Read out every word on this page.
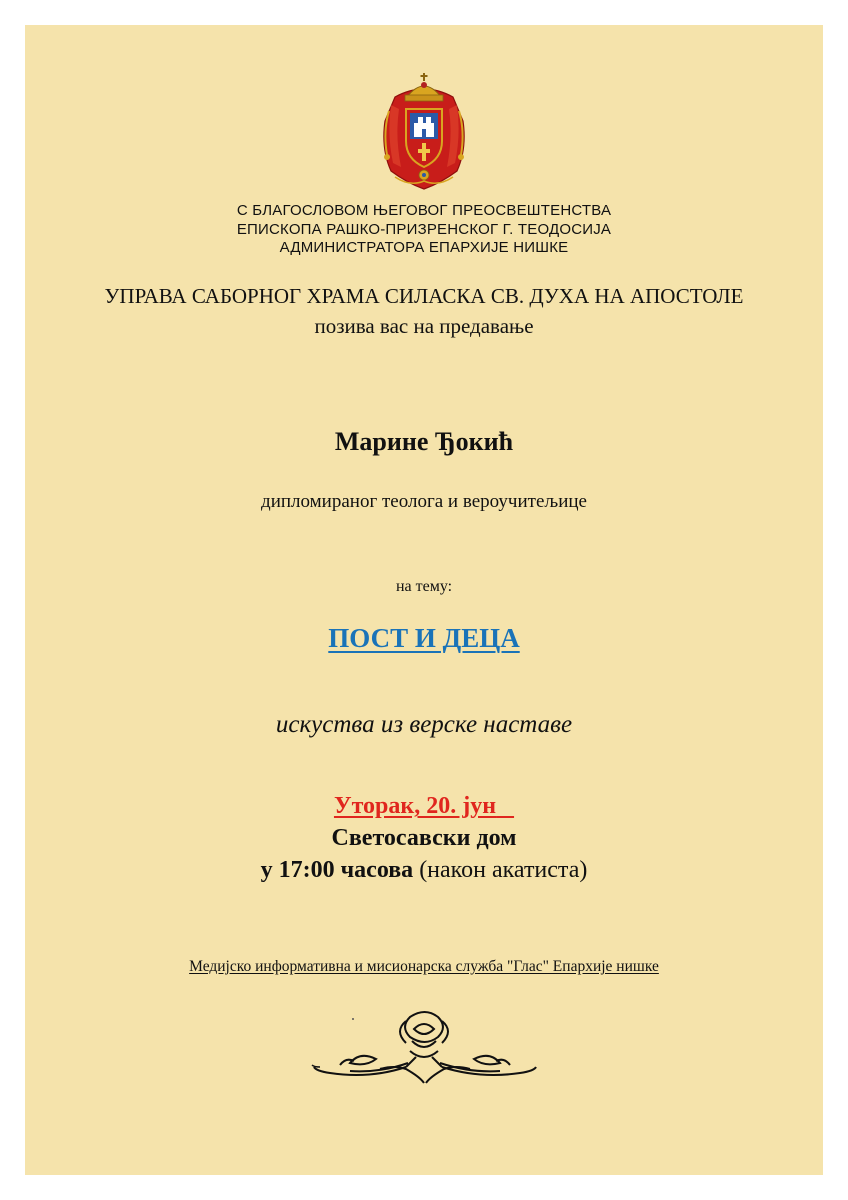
С БЛАГОСЛОВОМ ЊЕГОВОГ ПРЕОСВЕШТЕНСТВА
ЕПИСКОПА РАШКО-ПРИЗРЕНСКОГ Г. ТЕОДОСИЈА
АДМИНИСТРАТОРА ЕПАРХИЈЕ НИШКЕ
УПРАВА САБОРНОГ ХРАМА СИЛАСКА СВ. ДУХА НА АПОСТОЛЕ
позива вас на предавање
Марине Ђокић
дипломираног теолога и вероучитељице
на тему:
ПОСТ И ДЕЦА
искуства из верске наставе
Уторак, 20. јун
Светосавски дом
у 17:00 часова (након акатиста)
Медијско информативна и мисионарска служба "Глас" Епархије нишке
